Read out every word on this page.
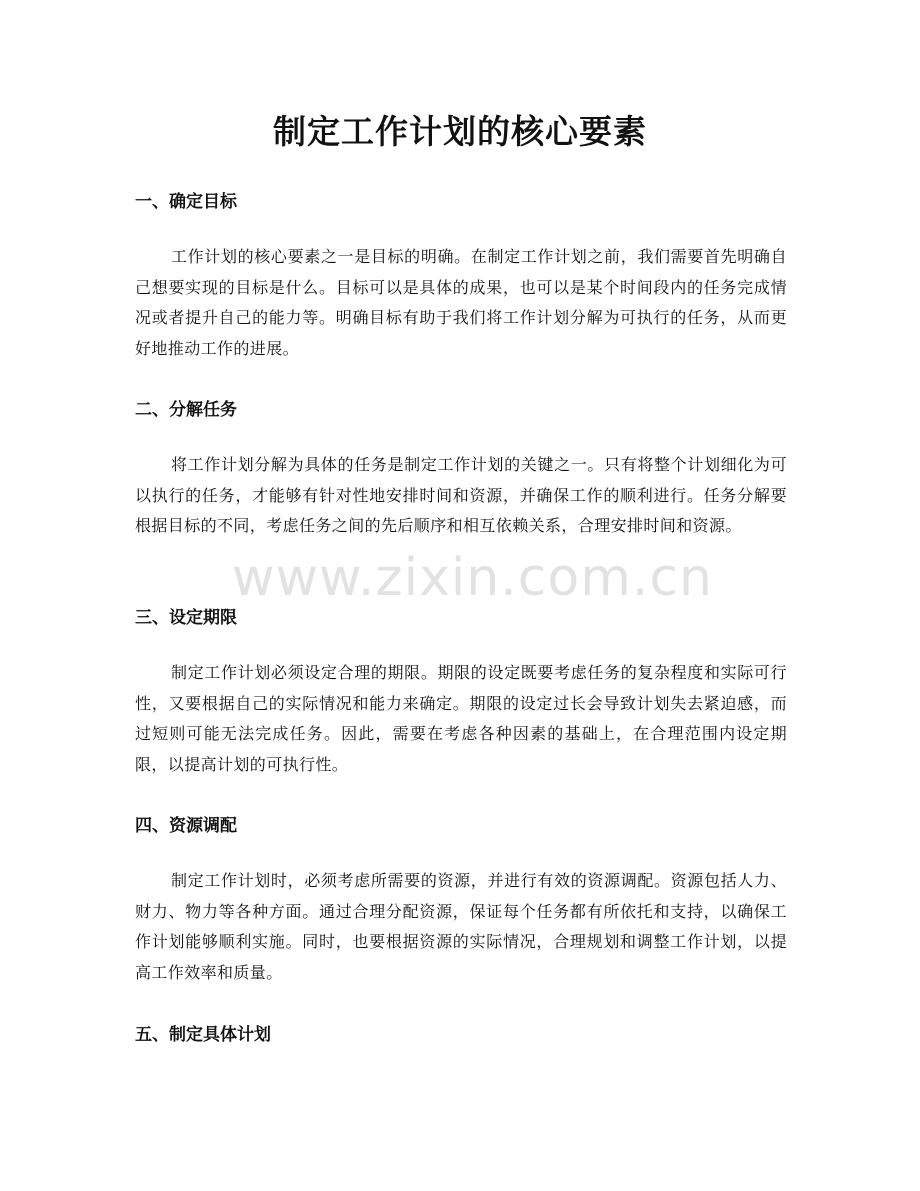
制定工作计划的核心要素
一、确定目标

工作计划的核心要素之一是目标的明确。在制定工作计划之前，我们需要首先明确自己想要实现的目标是什么。目标可以是具体的成果，也可以是某个时间段内的任务完成情况或者提升自己的能力等。明确目标有助于我们将工作计划分解为可执行的任务，从而更好地推动工作的进展。

二、分解任务

将工作计划分解为具体的任务是制定工作计划的关键之一。只有将整个计划细化为可以执行的任务，才能够有针对性地安排时间和资源，并确保工作的顺利进行。任务分解要根据目标的不同，考虑任务之间的先后顺序和相互依赖关系，合理安排时间和资源。

三、设定期限

制定工作计划必须设定合理的期限。期限的设定既要考虑任务的复杂程度和实际可行性，又要根据自己的实际情况和能力来确定。期限的设定过长会导致计划失去紧迫感，而过短则可能无法完成任务。因此，需要在考虑各种因素的基础上，在合理范围内设定期限，以提高计划的可执行性。

四、资源调配

制定工作计划时，必须考虑所需要的资源，并进行有效的资源调配。资源包括人力、财力、物力等各种方面。通过合理分配资源，保证每个任务都有所依托和支持，以确保工作计划能够顺利实施。同时，也要根据资源的实际情况，合理规划和调整工作计划，以提高工作效率和质量。

五、制定具体计划
www.zixin.com.cn
